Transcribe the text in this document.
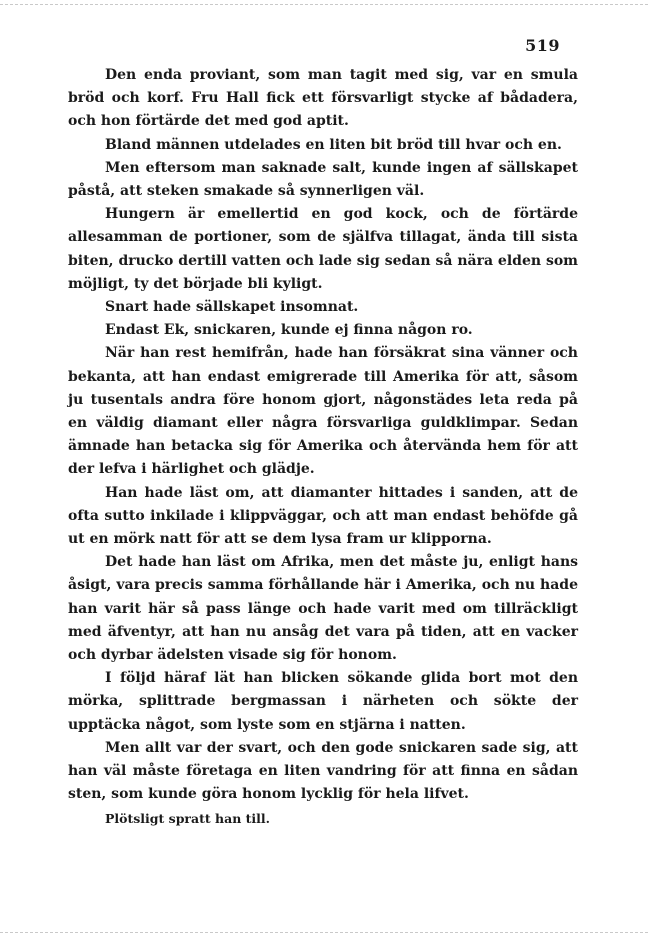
519

Den enda proviant, som man tagit med sig, var en smula bröd och korf. Fru Hall fick ett försvarligt stycke af bådadera, och hon förtärde det med god aptit.

Bland männen utdelades en liten bit bröd till hvar och en.

Men eftersom man saknade salt, kunde ingen af sällskapet påstå, att steken smakade så synnerligen väl.

Hungern är emellertid en god kock, och de förtärde allesamman de portioner, som de själfva tillagat, ända till sista biten, drucko dertill vatten och lade sig sedan så nära elden som möjligt, ty det började bli kyligt.

Snart hade sällskapet insomnat.

Endast Ek, snickaren, kunde ej finna någon ro.

När han rest hemifrån, hade han försäkrat sina vänner och bekanta, att han endast emigrerade till Amerika för att, såsom ju tusentals andra före honom gjort, någonstädes leta reda på en väldig diamant eller några försvarliga guldklimpar. Sedan ämnade han betacka sig för Amerika och återvända hem för att der lefva i härlighet och glädje.

Han hade läst om, att diamanter hittades i sanden, att de ofta sutto inkilade i klippväggar, och att man endast behöfde gå ut en mörk natt för att se dem lysa fram ur klipporna.

Det hade han läst om Afrika, men det måste ju, enligt hans åsigt, vara precis samma förhållande här i Amerika, och nu hade han varit här så pass länge och hade varit med om tillräckligt med äfventyr, att han nu ansåg det vara på tiden, att en vacker och dyrbar ädelsten visade sig för honom.

I följd häraf lät han blicken sökande glida bort mot den mörka, splittrade bergmassan i närheten och sökte der upptäcka något, som lyste som en stjärna i natten.

Men allt var der svart, och den gode snickaren sade sig, att han väl måste företaga en liten vandring för att finna en sådan sten, som kunde göra honom lycklig för hela lifvet.

Plötsligt spratt han till.
